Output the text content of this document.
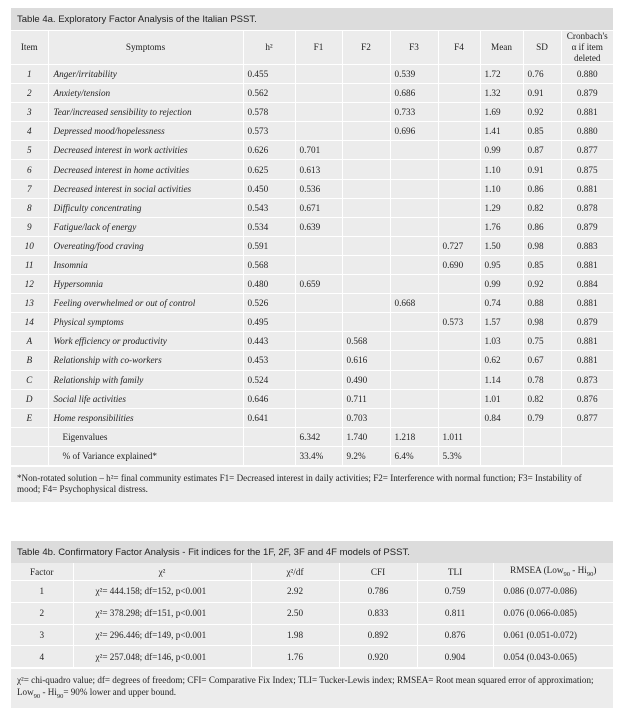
Table 4a. Exploratory Factor Analysis of the Italian PSST.
Item	Symptoms	h²	F1	F2	F3	F4	Mean	SD	Cronbach's α if item deleted
1	Anger/irritability	0.455			0.539		1.72	0.76	0.880
2	Anxiety/tension	0.562			0.686		1.32	0.91	0.879
3	Tear/increased sensibility to rejection	0.578			0.733		1.69	0.92	0.881
4	Depressed mood/hopelessness	0.573			0.696		1.41	0.85	0.880
5	Decreased interest in work activities	0.626	0.701				0.99	0.87	0.877
6	Decreased interest in home activities	0.625	0.613				1.10	0.91	0.875
7	Decreased interest in social activities	0.450	0.536				1.10	0.86	0.881
8	Difficulty concentrating	0.543	0.671				1.29	0.82	0.878
9	Fatigue/lack of energy	0.534	0.639				1.76	0.86	0.879
10	Overeating/food craving	0.591				0.727	1.50	0.98	0.883
11	Insomnia	0.568				0.690	0.95	0.85	0.881
12	Hypersomnia	0.480	0.659				0.99	0.92	0.884
13	Feeling overwhelmed or out of control	0.526			0.668		0.74	0.88	0.881
14	Physical symptoms	0.495				0.573	1.57	0.98	0.879
A	Work efficiency or productivity	0.443		0.568			1.03	0.75	0.881
B	Relationship with co-workers	0.453		0.616			0.62	0.67	0.881
C	Relationship with family	0.524		0.490			1.14	0.78	0.873
D	Social life activities	0.646		0.711			1.01	0.82	0.876
E	Home responsibilities	0.641		0.703			0.84	0.79	0.877
	Eigenvalues		6.342	1.740	1.218	1.011			
	% of Variance explained*		33.4%	9.2%	6.4%	5.3%			
*Non-rotated solution – h²= final community estimates F1= Decreased interest in daily activities; F2= Interference with normal function; F3= Instability of mood; F4= Psychophysical distress.
Table 4b. Confirmatory Factor Analysis - Fit indices for the 1F, 2F, 3F and 4F models of PSST.
Factor	χ²	χ²/df	CFI	TLI	RMSEA $(Low_{90} - Hi_{90})$
1	χ²= 444.158; df=152, p<0.001	2.92	0.786	0.759	0.086 (0.077-0.086)
2	χ²= 378.298; df=151, p<0.001	2.50	0.833	0.811	0.076 (0.066-0.085)
3	χ²= 296.446; df=149, p<0.001	1.98	0.892	0.876	0.061 (0.051-0.072)
4	χ²= 257.048; df=146, p<0.001	1.76	0.920	0.904	0.054 (0.043-0.065)
χ²= chi-quadro value; df= degrees of freedom; CFI= Comparative Fix Index; TLI= Tucker-Lewis index; RMSEA= Root mean squared error of approximation; $Low_{90} - Hi_{90}= 90\%$ lower and upper bound.
